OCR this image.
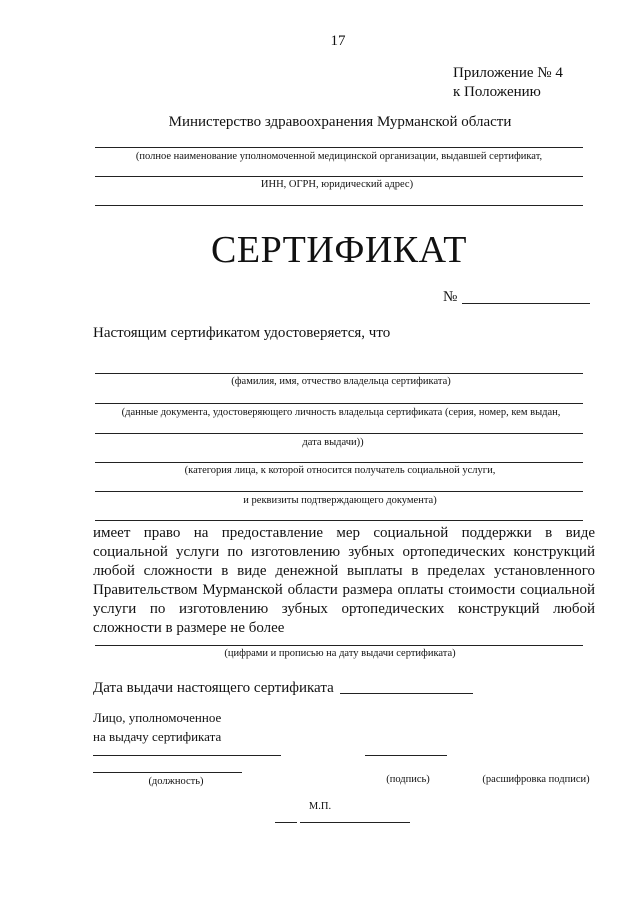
17
Приложение № 4
к Положению
Министерство здравоохранения Мурманской области
(полное наименование уполномоченной медицинской организации, выдавшей сертификат,
ИНН, ОГРН, юридический адрес)
СЕРТИФИКАТ
№
Настоящим сертификатом удостоверяется, что
(фамилия, имя, отчество владельца сертификата)
(данные документа, удостоверяющего личность владельца сертификата (серия, номер, кем выдан,
дата выдачи))
(категория лица, к которой относится получатель социальной услуги,
и реквизиты подтверждающего документа)
имеет право на предоставление мер социальной поддержки в виде
социальной услуги по изготовлению зубных ортопедических конструкций
любой сложности в виде денежной выплаты в пределах установленного
Правительством Мурманской области размера оплаты стоимости социальной
услуги по изготовлению зубных ортопедических конструкций любой
сложности в размере не более
(цифрами и прописью на дату выдачи сертификата)
Дата выдачи настоящего сертификата
Лицо, уполномоченное
на выдачу сертификата
(должность)	(подпись)	(расшифровка подписи)
М.П.
